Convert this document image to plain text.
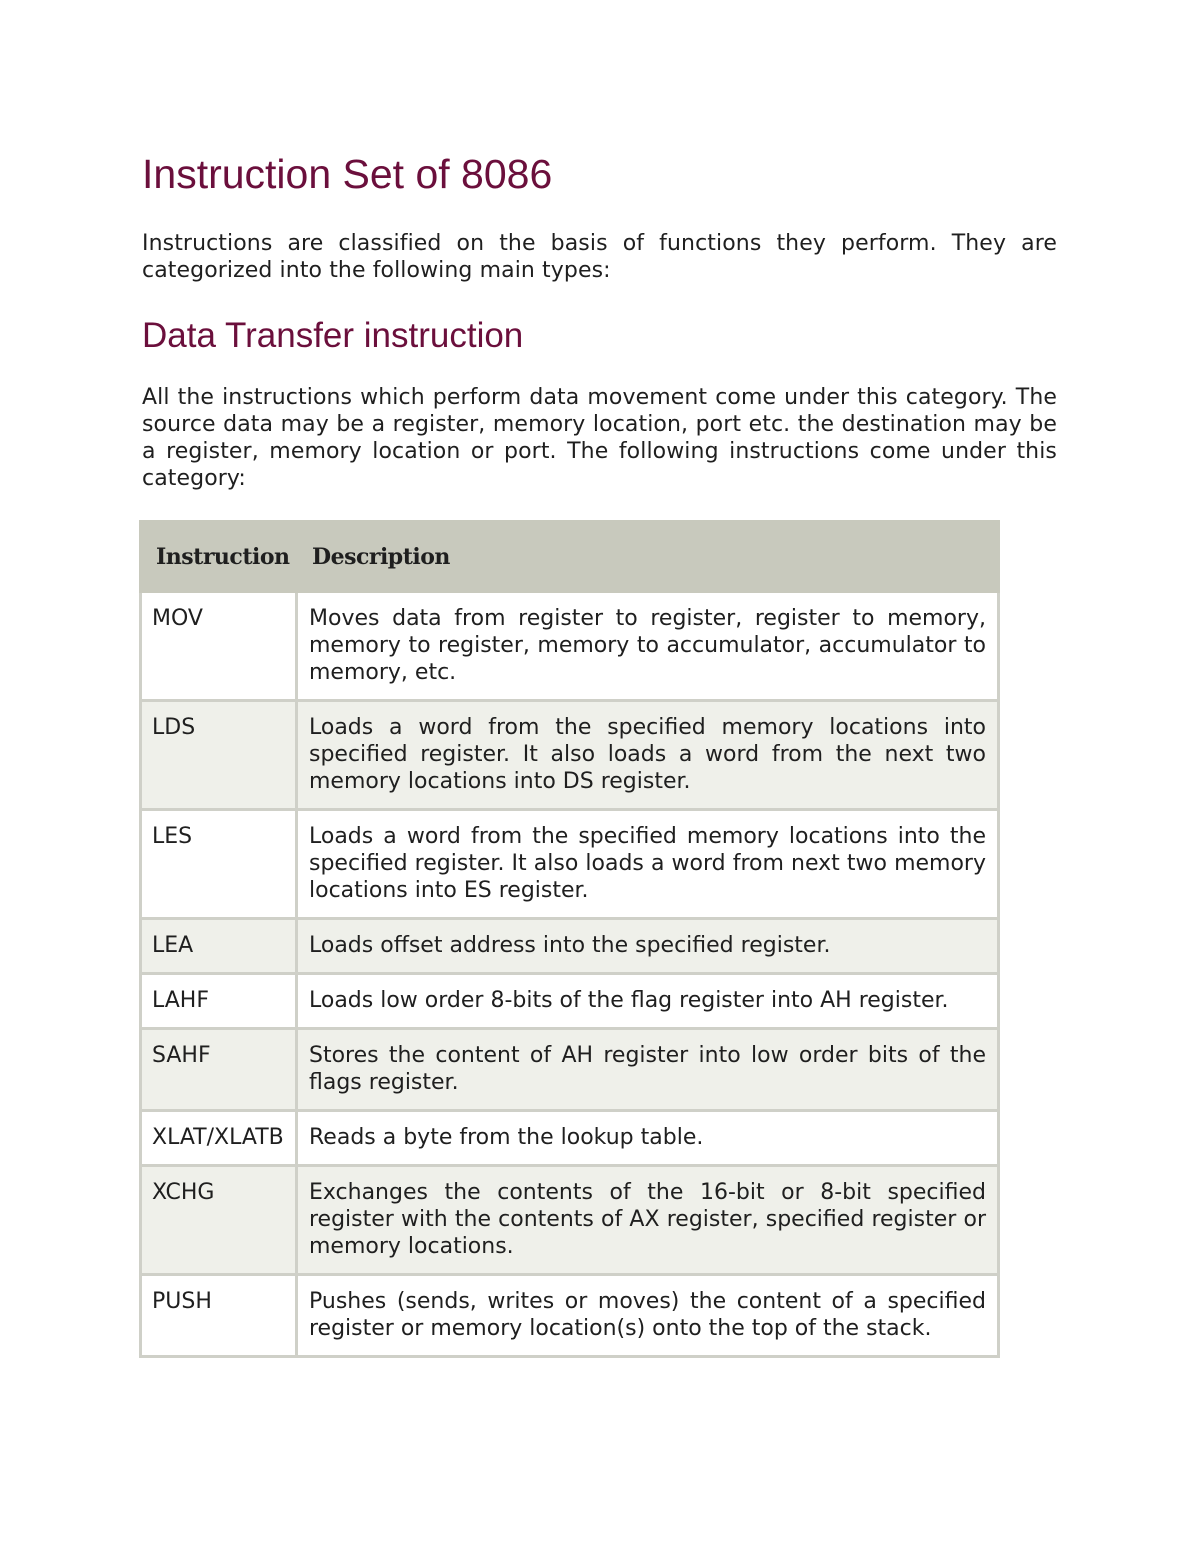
Instruction Set of 8086

Instructions are classified on the basis of functions they perform. They are categorized into the following main types:

Data Transfer instruction

All the instructions which perform data movement come under this category. The source data may be a register, memory location, port etc. the destination may be a register, memory location or port. The following instructions come under this category:

Instruction	Description
MOV	Moves data from register to register, register to memory, memory to register, memory to accumulator, accumulator to memory, etc.
LDS	Loads a word from the specified memory locations into specified register. It also loads a word from the next two memory locations into DS register.
LES	Loads a word from the specified memory locations into the specified register. It also loads a word from next two memory locations into ES register.
LEA	Loads offset address into the specified register.
LAHF	Loads low order 8-bits of the flag register into AH register.
SAHF	Stores the content of AH register into low order bits of the flags register.
XLAT/XLATB	Reads a byte from the lookup table.
XCHG	Exchanges the contents of the 16-bit or 8-bit specified register with the contents of AX register, specified register or memory locations.
PUSH	Pushes (sends, writes or moves) the content of a specified register or memory location(s) onto the top of the stack.
